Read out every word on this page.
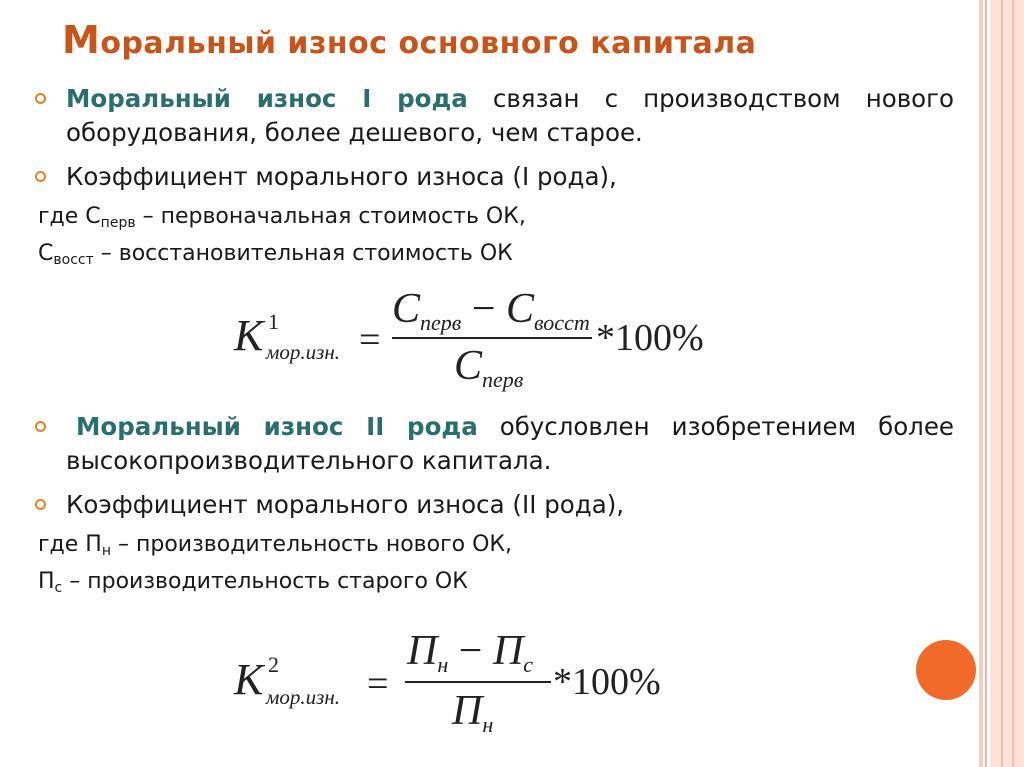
Моральный износ основного капитала

Моральный износ I рода связан с производством нового оборудования, более дешевого, чем старое.

Коэффициент морального износа (I рода),

где $С_{перв}$ – первоначальная стоимость ОК,

$С_{восст}$ – восстановительная стоимость ОК

K 1
мор.изн. =
$С_{перв} - С_{восст}$
$С_{перв}$
*100%

Моральный износ II рода обусловлен изобретением более высокопроизводительного капитала.

Коэффициент морального износа (II рода),

где $П_н$ – производительность нового ОК,

$П_с$ – производительность старого ОК

K 2
мор.изн. =
$П_н - П_с$
$П_н$
*100%
